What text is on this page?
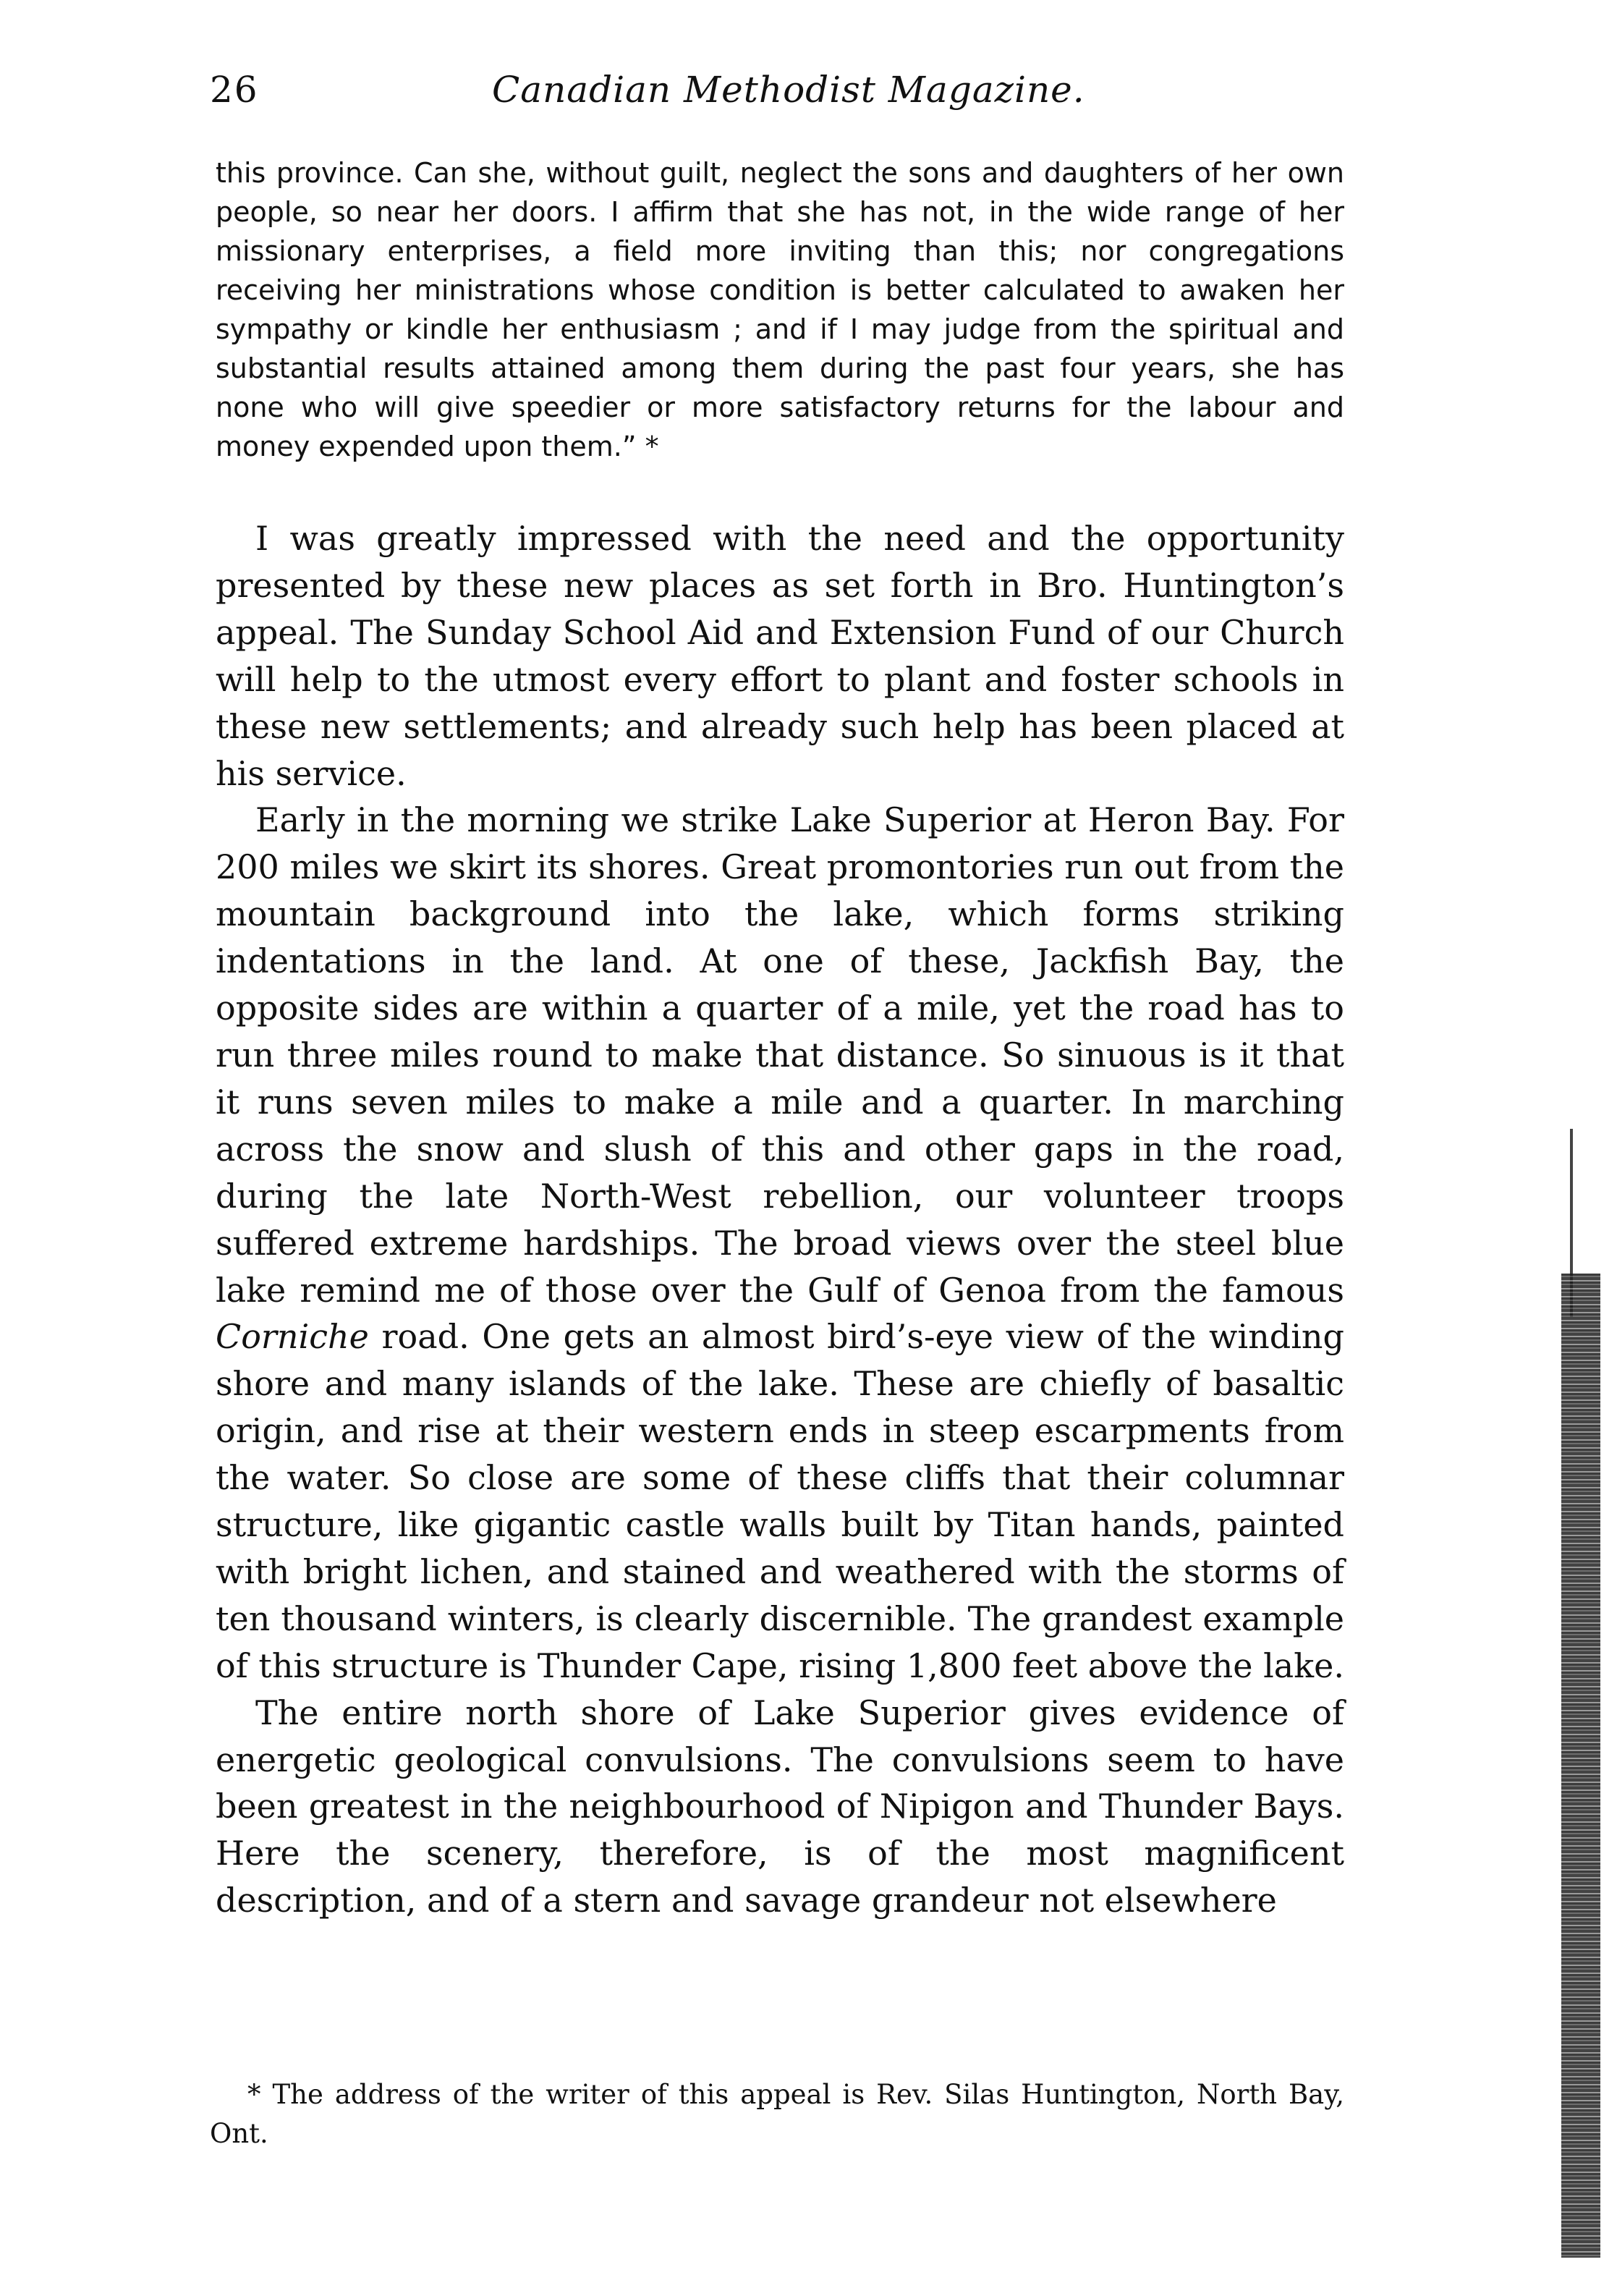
26	Canadian Methodist Magazine.

this province. Can she, without guilt, neglect the sons and daughters of her own people, so near her doors. I affirm that she has not, in the wide range of her missionary enterprises, a field more inviting than this; nor congregations receiving her ministrations whose condition is better calculated to awaken her sympathy or kindle her enthusiasm ; and if I may judge from the spiritual and substantial results attained among them during the past four years, she has none who will give speedier or more satisfactory returns for the labour and money expended upon them.” *

I was greatly impressed with the need and the opportunity presented by these new places as set forth in Bro. Huntington’s appeal. The Sunday School Aid and Extension Fund of our Church will help to the utmost every effort to plant and foster schools in these new settlements; and already such help has been placed at his service.

Early in the morning we strike Lake Superior at Heron Bay. For 200 miles we skirt its shores. Great promontories run out from the mountain background into the lake, which forms striking indentations in the land. At one of these, Jackfish Bay, the opposite sides are within a quarter of a mile, yet the road has to run three miles round to make that distance. So sinuous is it that it runs seven miles to make a mile and a quarter. In marching across the snow and slush of this and other gaps in the road, during the late North-West rebellion, our volunteer troops suffered extreme hardships. The broad views over the steel blue lake remind me of those over the Gulf of Genoa from the famous Corniche road. One gets an almost bird’s-eye view of the winding shore and many islands of the lake. These are chiefly of basaltic origin, and rise at their western ends in steep escarpments from the water. So close are some of these cliffs that their columnar structure, like gigantic castle walls built by Titan hands, painted with bright lichen, and stained and weathered with the storms of ten thousand winters, is clearly discernible. The grandest example of this structure is Thunder Cape, rising 1,800 feet above the lake.

The entire north shore of Lake Superior gives evidence of energetic geological convulsions. The convulsions seem to have been greatest in the neighbourhood of Nipigon and Thunder Bays. Here the scenery, therefore, is of the most magnificent description, and of a stern and savage grandeur not elsewhere

* The address of the writer of this appeal is Rev. Silas Huntington, North Bay, Ont.
